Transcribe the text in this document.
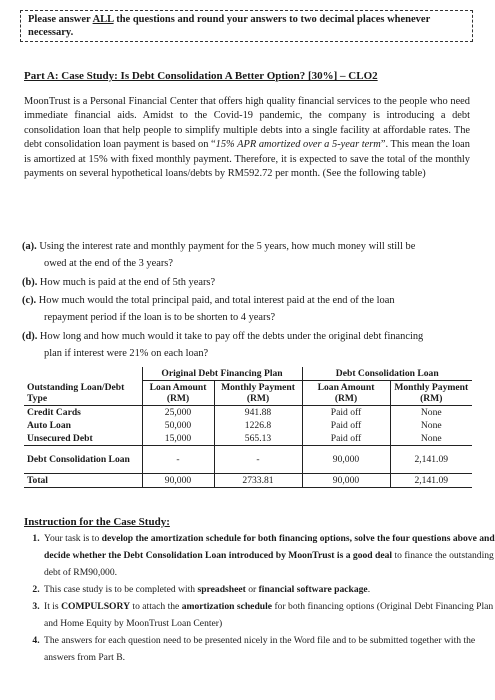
Please answer ALL the questions and round your answers to two decimal places whenever necessary.
Part A: Case Study: Is Debt Consolidation A Better Option? [30%] – CLO2

MoonTrust is a Personal Financial Center that offers high quality financial services to the people who need immediate financial aids. Amidst to the Covid-19 pandemic, the company is introducing a debt consolidation loan that help people to simplify multiple debts into a single facility at affordable rates. The debt consolidation loan payment is based on “15% APR amortized over a 5-year term”. This mean the loan is amortized at 15% with fixed monthly payment. Therefore, it is expected to save the total of the monthly payments on several hypothetical loans/debts by RM592.72 per month. (See the following table)

(a). Using the interest rate and monthly payment for the 5 years, how much money will still be
owed at the end of the 3 years?
(b). How much is paid at the end of 5th years?
(c). How much would the total principal paid, and total interest paid at the end of the loan
repayment period if the loan is to be shorten to 4 years?
(d). How long and how much would it take to pay off the debts under the original debt financing
plan if interest were 21% on each loan?
	Original Debt Financing Plan		Debt Consolidation Loan	
Outstanding Loan/Debt Type	Loan Amount (RM)	Monthly Payment (RM)	Loan Amount (RM)	Monthly Payment (RM)
Credit Cards	25,000	941.88	Paid off	None
Auto Loan	50,000	1226.8	Paid off	None
Unsecured Debt	15,000	565.13	Paid off	None
Debt Consolidation Loan	-	-	90,000	2,141.09
Total	90,000	2733.81	90,000	2,141.09
Instruction for the Case Study:
1. Your task is to develop the amortization schedule for both financing options, solve the four questions above and decide whether the Debt Consolidation Loan introduced by MoonTrust is a good deal to finance the outstanding debt of RM90,000.
2. This case study is to be completed with spreadsheet or financial software package.
3. It is COMPULSORY to attach the amortization schedule for both financing options (Original Debt Financing Plan and Home Equity by MoonTrust Loan Center)
4. The answers for each question need to be presented nicely in the Word file and to be submitted together with the answers from Part B.
